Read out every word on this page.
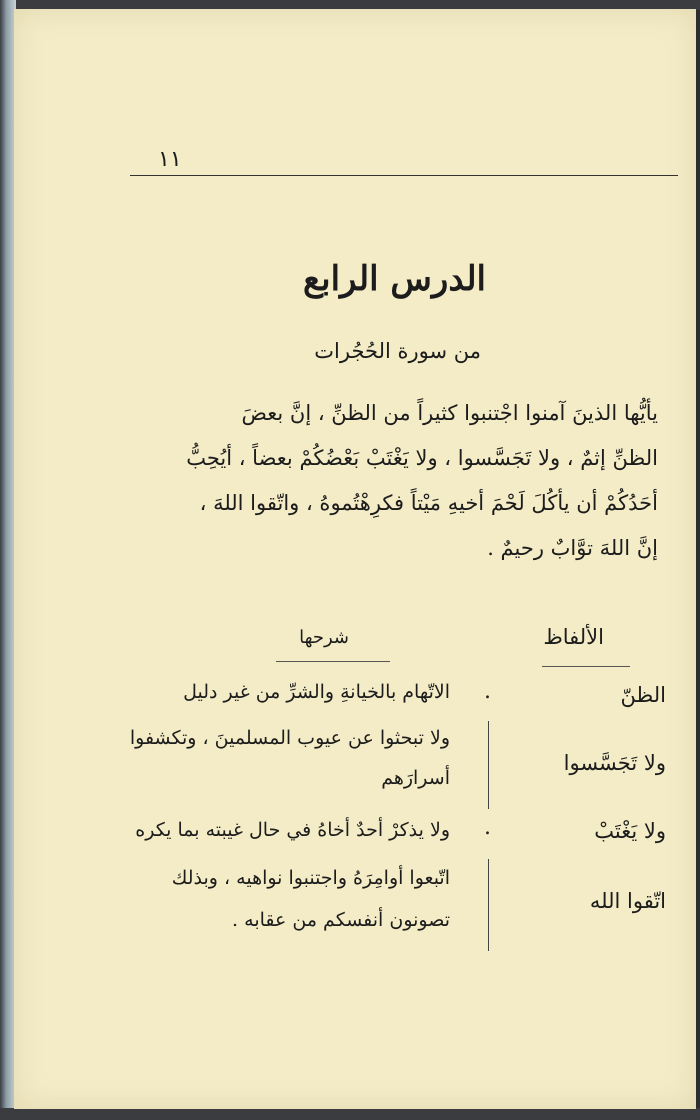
١١
الدرس الرابع
من سورة الحُجُرات
يأيُّها الذينَ آمنوا اجْتنبوا كثيراً من الظنِّ ، إنَّ بعضَ
الظنِّ إثمٌ ، ولا تَجَسَّسوا ، ولا يَغْتَبْ بَعْضُكُمْ بعضاً ، أيُحِبُّ
أحَدُكُمْ أن يأكُلَ لَحْمَ أخيهِ مَيْتاً فكرِهْتُموهُ ، واتّقوا اللهَ ،
إنَّ اللهَ توَّابٌ رحيمٌ .
الألفاظ
شرحها
الظنّ
ولا تَجَسَّسوا
ولا يَغْتَبْ
اتّقوا الله
.
.
الاتّهام بالخيانةِ والشرِّ من غير دليل
ولا تبحثوا عن عيوب المسلمينَ ، وتكشفوا
أسرارَهم
ولا يذكرْ أحدٌ أخاهُ في حال غيبته بما يكره
اتّبعوا أوامِرَهُ واجتنبوا نواهيه ، وبذلك
تصونون أنفسكم من عقابه .
